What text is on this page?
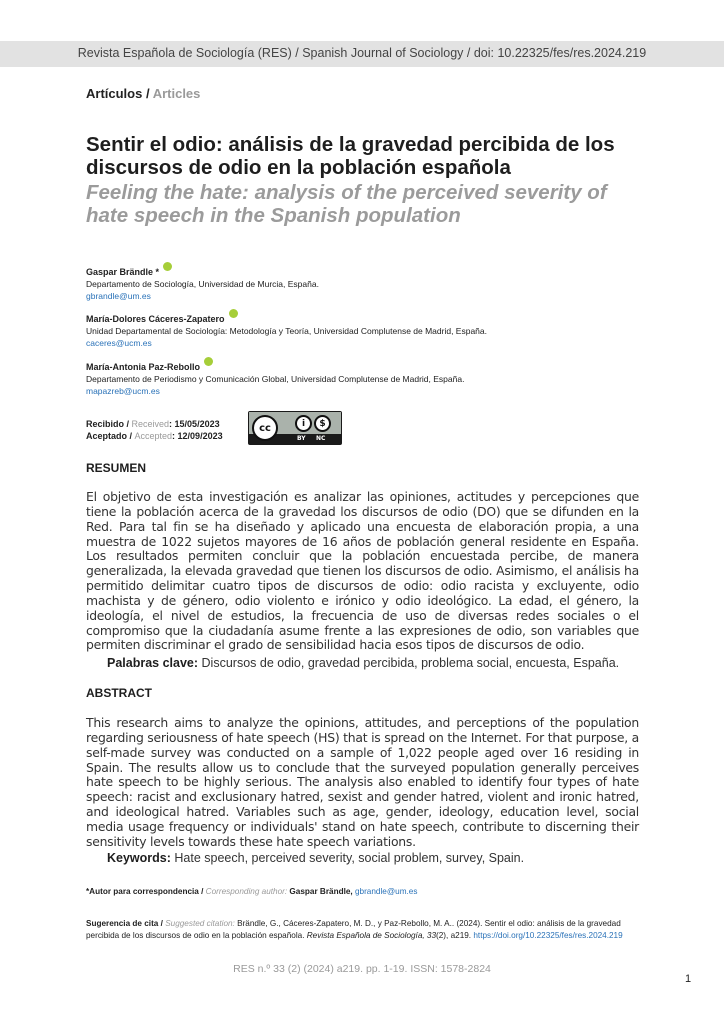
Revista Española de Sociología (RES) / Spanish Journal of Sociology / doi: 10.22325/fes/res.2024.219
Artículos / Articles
Sentir el odio: análisis de la gravedad percibida de los discursos de odio en la población española
Feeling the hate: analysis of the perceived severity of hate speech in the Spanish population
Gaspar Brändle *
Departamento de Sociología, Universidad de Murcia, España.
gbrandle@um.es
María-Dolores Cáceres-Zapatero
Unidad Departamental de Sociología: Metodología y Teoría, Universidad Complutense de Madrid, España.
caceres@ucm.es
María-Antonia Paz-Rebollo
Departamento de Periodismo y Comunicación Global, Universidad Complutense de Madrid, España.
mapazreb@ucm.es
Recibido / Received: 15/05/2023
Aceptado / Accepted: 12/09/2023
cc	i	$
BY NC
RESUMEN
El objetivo de esta investigación es analizar las opiniones, actitudes y percepciones que tiene la población acerca de la gravedad los discursos de odio (DO) que se difunden en la Red. Para tal fin se ha diseñado y aplicado una encuesta de elaboración propia, a una muestra de 1022 sujetos mayores de 16 años de población general residente en España. Los resultados permiten concluir que la población encuestada percibe, de manera generalizada, la elevada gravedad que tienen los discursos de odio. Asimismo, el análisis ha permitido delimitar cuatro tipos de discursos de odio: odio racista y excluyente, odio machista y de género, odio violento e irónico y odio ideológico. La edad, el género, la ideología, el nivel de estudios, la frecuencia de uso de diversas redes sociales o el compromiso que la ciudadanía asume frente a las expresiones de odio, son variables que permiten discriminar el grado de sensibilidad hacia esos tipos de discursos de odio.
Palabras clave: Discursos de odio, gravedad percibida, problema social, encuesta, España.
ABSTRACT
This research aims to analyze the opinions, attitudes, and perceptions of the population regarding seriousness of hate speech (HS) that is spread on the Internet. For that purpose, a self-made survey was conducted on a sample of 1,022 people aged over 16 residing in Spain. The results allow us to conclude that the surveyed population generally perceives hate speech to be highly serious. The analysis also enabled to identify four types of hate speech: racist and exclusionary hatred, sexist and gender hatred, violent and ironic hatred, and ideological hatred. Variables such as age, gender, ideology, education level, social media usage frequency or individuals' stand on hate speech, contribute to discerning their sensitivity levels towards these hate speech variations.
Keywords: Hate speech, perceived severity, social problem, survey, Spain.
*Autor para correspondencia / Corresponding author: Gaspar Brändle, gbrandle@um.es
Sugerencia de cita / Suggested citation: Brändle, G., Cáceres-Zapatero, M. D., y Paz-Rebollo, M. A.. (2024). Sentir el odio: análisis de la gravedad percibida de los discursos de odio en la población española. Revista Española de Sociología, 33(2), a219. https://doi.org/10.22325/fes/res.2024.219
RES n.º 33 (2) (2024) a219. pp. 1-19. ISSN: 1578-2824
1
